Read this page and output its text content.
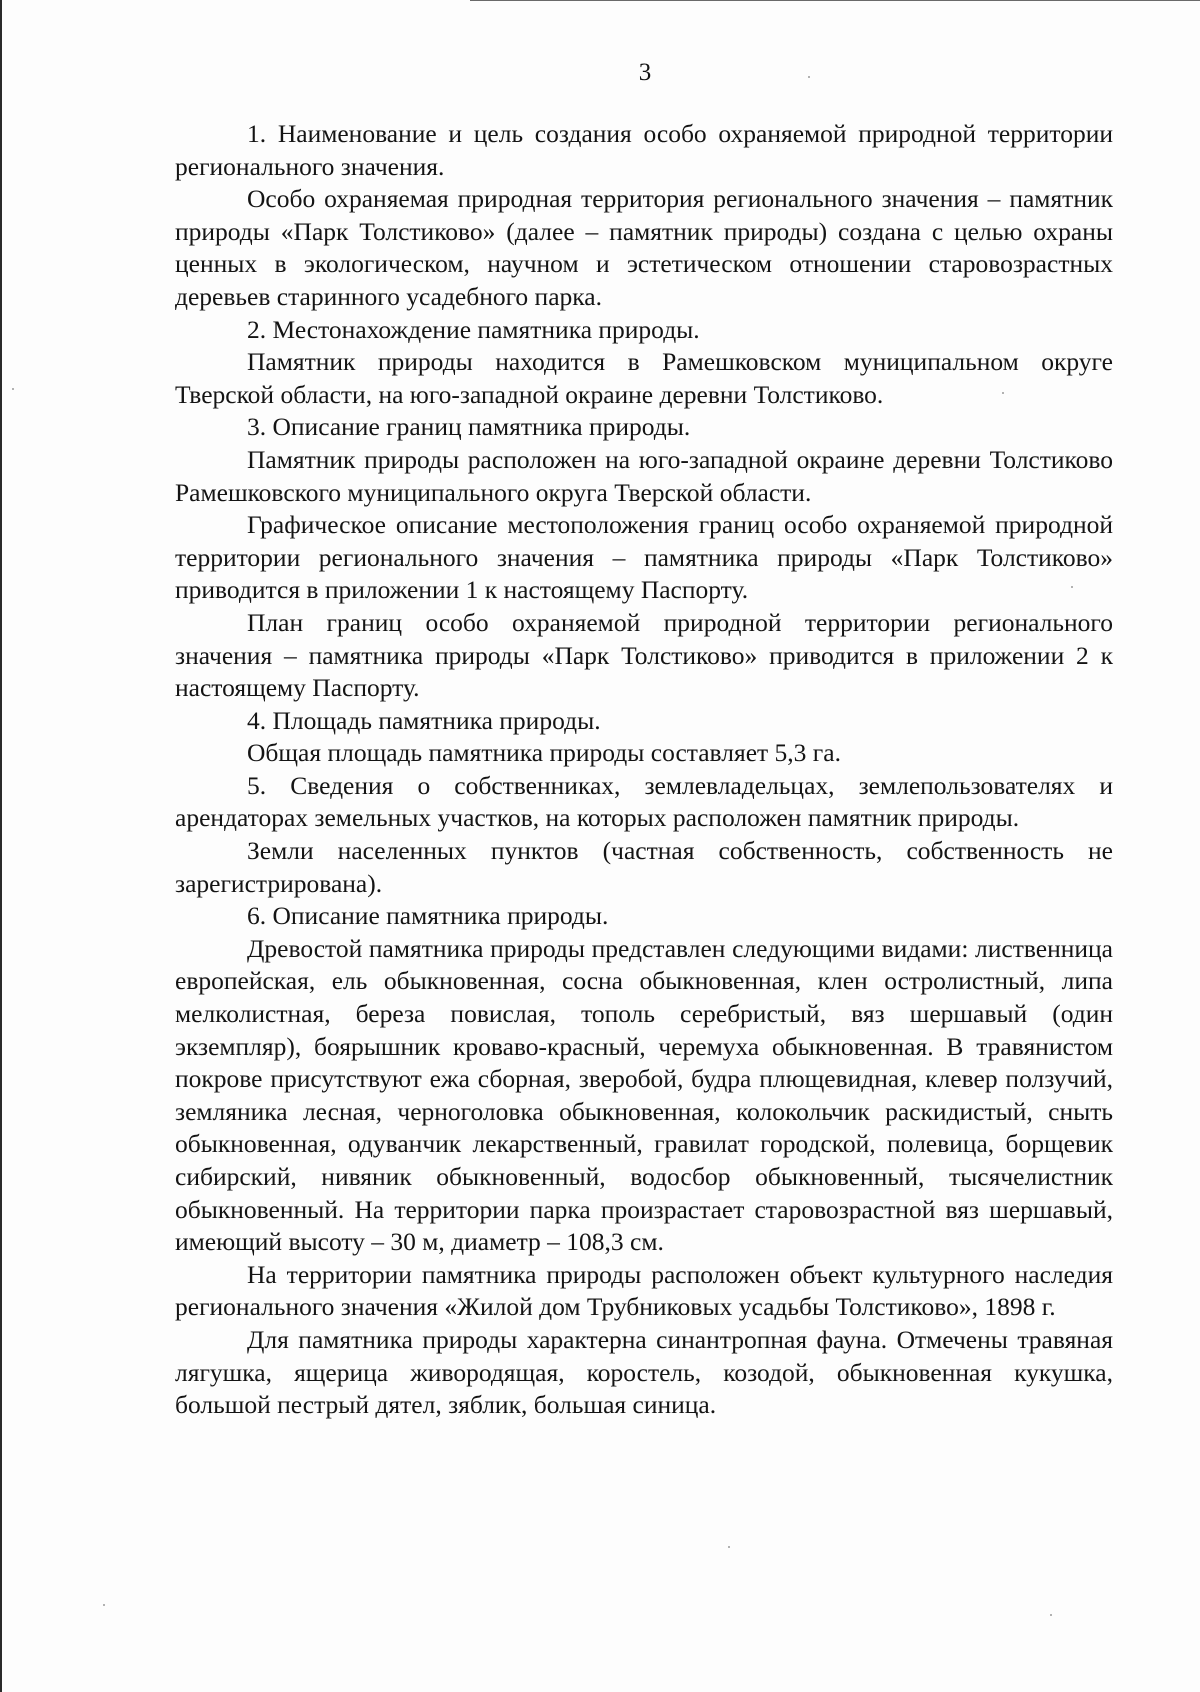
3

1. Наименование и цель создания особо охраняемой природной территории регионального значения.

Особо охраняемая природная территория регионального значения – памятник природы «Парк Толстиково» (далее – памятник природы) создана с целью охраны ценных в экологическом, научном и эстетическом отношении старовозрастных деревьев старинного усадебного парка.

2. Местонахождение памятника природы.

Памятник природы находится в Рамешковском муниципальном округе Тверской области, на юго-западной окраине деревни Толстиково.

3. Описание границ памятника природы.

Памятник природы расположен на юго-западной окраине деревни Толстиково Рамешковского муниципального округа Тверской области.

Графическое описание местоположения границ особо охраняемой природной территории регионального значения – памятника природы «Парк Толстиково» приводится в приложении 1 к настоящему Паспорту.

План границ особо охраняемой природной территории регионального значения – памятника природы «Парк Толстиково» приводится в приложении 2 к настоящему Паспорту.

4. Площадь памятника природы.

Общая площадь памятника природы составляет 5,3 га.

5. Сведения о собственниках, землевладельцах, землепользователях и арендаторах земельных участков, на которых расположен памятник природы.

Земли населенных пунктов (частная собственность, собственность не зарегистрирована).

6. Описание памятника природы.

Древостой памятника природы представлен следующими видами: лиственница европейская, ель обыкновенная, сосна обыкновенная, клен остролистный, липа мелколистная, береза повислая, тополь серебристый, вяз шершавый (один экземпляр), боярышник кроваво-красный, черемуха обыкновенная. В травянистом покрове присутствуют ежа сборная, зверобой, будра плющевидная, клевер ползучий, земляника лесная, черноголовка обыкновенная, колокольчик раскидистый, сныть обыкновенная, одуванчик лекарственный, гравилат городской, полевица, борщевик сибирский, нивяник обыкновенный, водосбор обыкновенный, тысячелистник обыкновенный. На территории парка произрастает старовозрастной вяз шершавый, имеющий высоту – 30 м, диаметр – 108,3 см.

На территории памятника природы расположен объект культурного наследия регионального значения «Жилой дом Трубниковых усадьбы Толстиково», 1898 г.

Для памятника природы характерна синантропная фауна. Отмечены травяная лягушка, ящерица живородящая, коростель, козодой, обыкновенная кукушка, большой пестрый дятел, зяблик, большая синица.
